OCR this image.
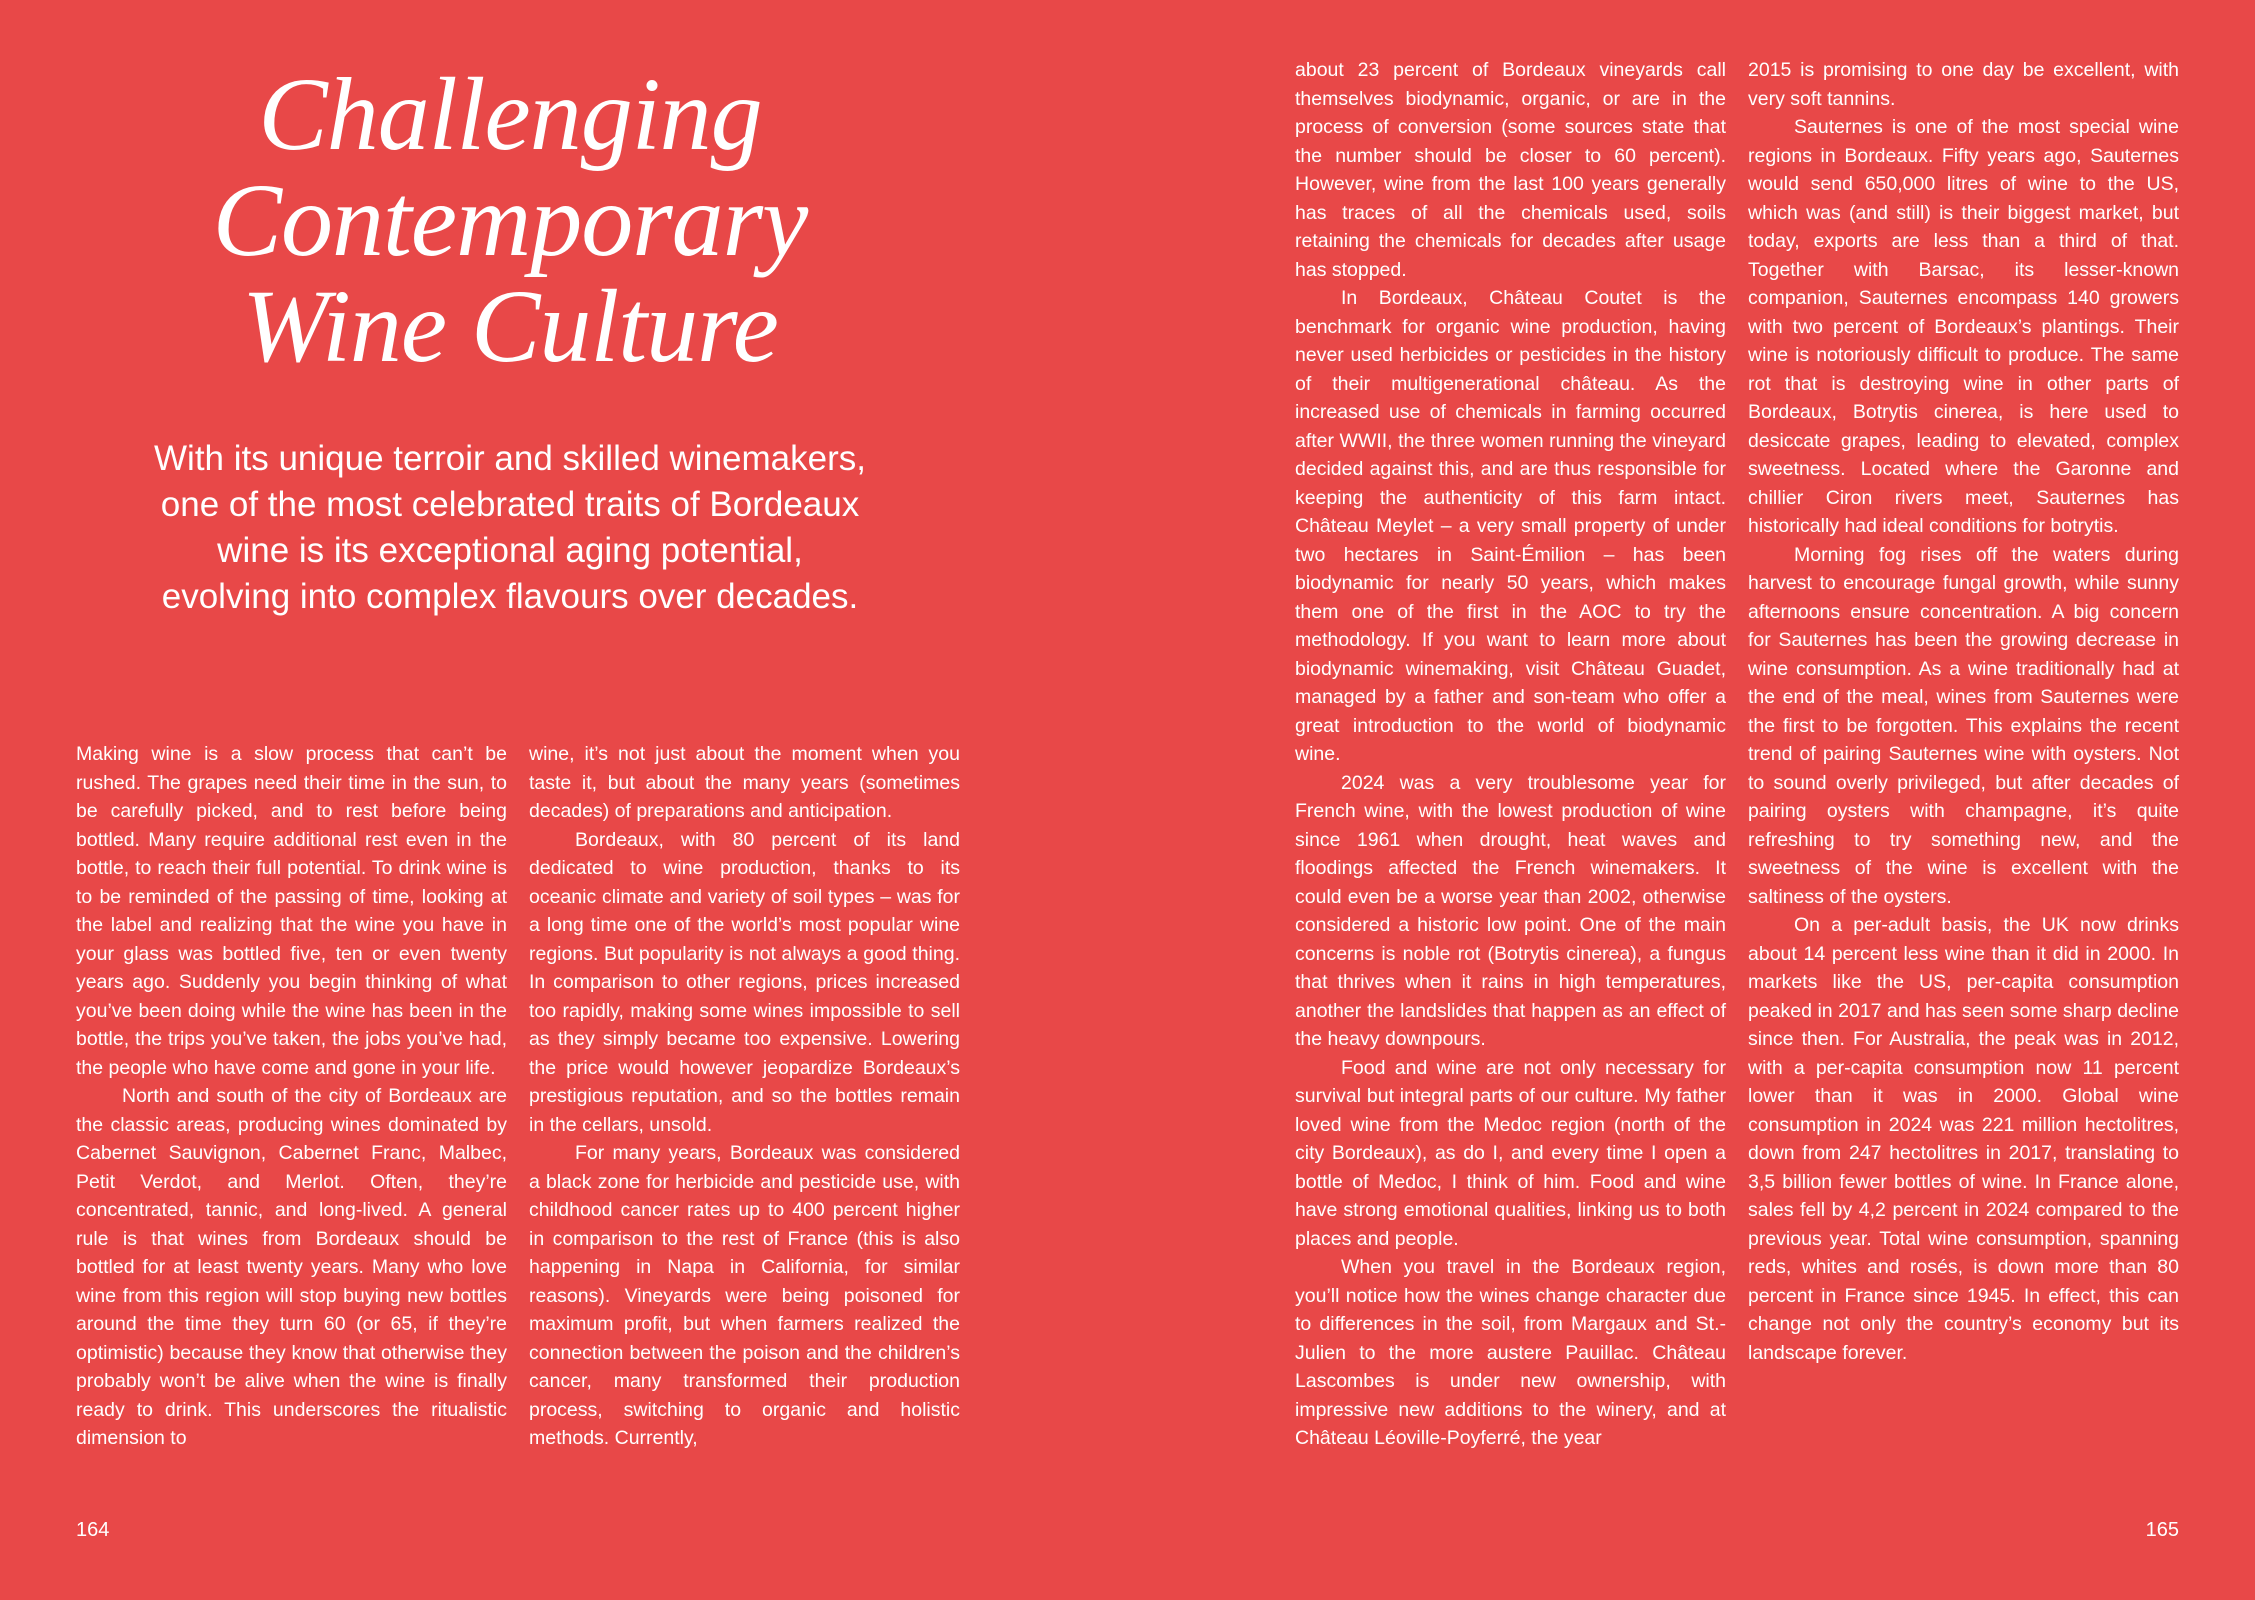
Challenging
Contemporary
Wine Culture

With its unique terroir and skilled winemakers, one of the most celebrated traits of Bordeaux wine is its exceptional aging potential, evolving into complex flavours over decades.

Making wine is a slow process that can’t be rushed. The grapes need their time in the sun, to be carefully picked, and to rest before being bottled. Many require additional rest even in the bottle, to reach their full potential. To drink wine is to be reminded of the passing of time, looking at the label and realizing that the wine you have in your glass was bottled five, ten or even twenty years ago. Suddenly you begin thinking of what you’ve been doing while the wine has been in the bottle, the trips you’ve taken, the jobs you’ve had, the people who have come and gone in your life.

North and south of the city of Bordeaux are the classic areas, producing wines dominated by Cabernet Sauvignon, Cabernet Franc, Malbec, Petit Verdot, and Merlot. Often, they’re concentrated, tannic, and long-lived. A general rule is that wines from Bordeaux should be bottled for at least twenty years. Many who love wine from this region will stop buying new bottles around the time they turn 60 (or 65, if they’re optimistic) because they know that otherwise they probably won’t be alive when the wine is finally ready to drink. This underscores the ritualistic dimension to

wine, it’s not just about the moment when you taste it, but about the many years (sometimes decades) of preparations and anticipation.

Bordeaux, with 80 percent of its land dedicated to wine production, thanks to its oceanic climate and variety of soil types – was for a long time one of the world’s most popular wine regions. But popularity is not always a good thing. In comparison to other regions, prices increased too rapidly, making some wines impossible to sell as they simply became too expensive. Lowering the price would however jeopardize Bordeaux’s prestigious reputation, and so the bottles remain in the cellars, unsold.

For many years, Bordeaux was considered a black zone for herbicide and pesticide use, with childhood cancer rates up to 400 percent higher in comparison to the rest of France (this is also happening in Napa in California, for similar reasons). Vineyards were being poisoned for maximum profit, but when farmers realized the connection between the poison and the children’s cancer, many transformed their production process, switching to organic and holistic methods. Currently,

about 23 percent of Bordeaux vineyards call themselves biodynamic, organic, or are in the process of conversion (some sources state that the number should be closer to 60 percent). However, wine from the last 100 years generally has traces of all the chemicals used, soils retaining the chemicals for decades after usage has stopped.

In Bordeaux, Château Coutet is the benchmark for organic wine production, having never used herbicides or pesticides in the history of their multigenerational château. As the increased use of chemicals in farming occurred after WWII, the three women running the vineyard decided against this, and are thus responsible for keeping the authenticity of this farm intact. Château Meylet – a very small property of under two hectares in Saint-Émilion – has been biodynamic for nearly 50 years, which makes them one of the first in the AOC to try the methodology. If you want to learn more about biodynamic winemaking, visit Château Guadet, managed by a father and son-team who offer a great introduction to the world of biodynamic wine.

2024 was a very troublesome year for French wine, with the lowest production of wine since 1961 when drought, heat waves and floodings affected the French winemakers. It could even be a worse year than 2002, otherwise considered a historic low point. One of the main concerns is noble rot (Botrytis cinerea), a fungus that thrives when it rains in high temperatures, another the landslides that happen as an effect of the heavy downpours.

Food and wine are not only necessary for survival but integral parts of our culture. My father loved wine from the Medoc region (north of the city Bordeaux), as do I, and every time I open a bottle of Medoc, I think of him. Food and wine have strong emotional qualities, linking us to both places and people.

When you travel in the Bordeaux region, you’ll notice how the wines change character due to differences in the soil, from Margaux and St.-Julien to the more austere Pauillac. Château Lascombes is under new ownership, with impressive new additions to the winery, and at Château Léoville-Poyferré, the year

2015 is promising to one day be excellent, with very soft tannins.

Sauternes is one of the most special wine regions in Bordeaux. Fifty years ago, Sauternes would send 650,000 litres of wine to the US, which was (and still) is their biggest market, but today, exports are less than a third of that. Together with Barsac, its lesser-known companion, Sauternes encompass 140 growers with two percent of Bordeaux’s plantings. Their wine is notoriously difficult to produce. The same rot that is destroying wine in other parts of Bordeaux, Botrytis cinerea, is here used to desiccate grapes, leading to elevated, complex sweetness. Located where the Garonne and chillier Ciron rivers meet, Sauternes has historically had ideal conditions for botrytis.

Morning fog rises off the waters during harvest to encourage fungal growth, while sunny afternoons ensure concentration. A big concern for Sauternes has been the growing decrease in wine consumption. As a wine traditionally had at the end of the meal, wines from Sauternes were the first to be forgotten. This explains the recent trend of pairing Sauternes wine with oysters. Not to sound overly privileged, but after decades of pairing oysters with champagne, it’s quite refreshing to try something new, and the sweetness of the wine is excellent with the saltiness of the oysters.

On a per-adult basis, the UK now drinks about 14 percent less wine than it did in 2000. In markets like the US, per-capita consumption peaked in 2017 and has seen some sharp decline since then. For Australia, the peak was in 2012, with a per-capita consumption now 11 percent lower than it was in 2000. Global wine consumption in 2024 was 221 million hectolitres, down from 247 hectolitres in 2017, translating to 3,5 billion fewer bottles of wine. In France alone, sales fell by 4,2 percent in 2024 compared to the previous year. Total wine consumption, spanning reds, whites and rosés, is down more than 80 percent in France since 1945. In effect, this can change not only the country’s economy but its landscape forever.

164	165
